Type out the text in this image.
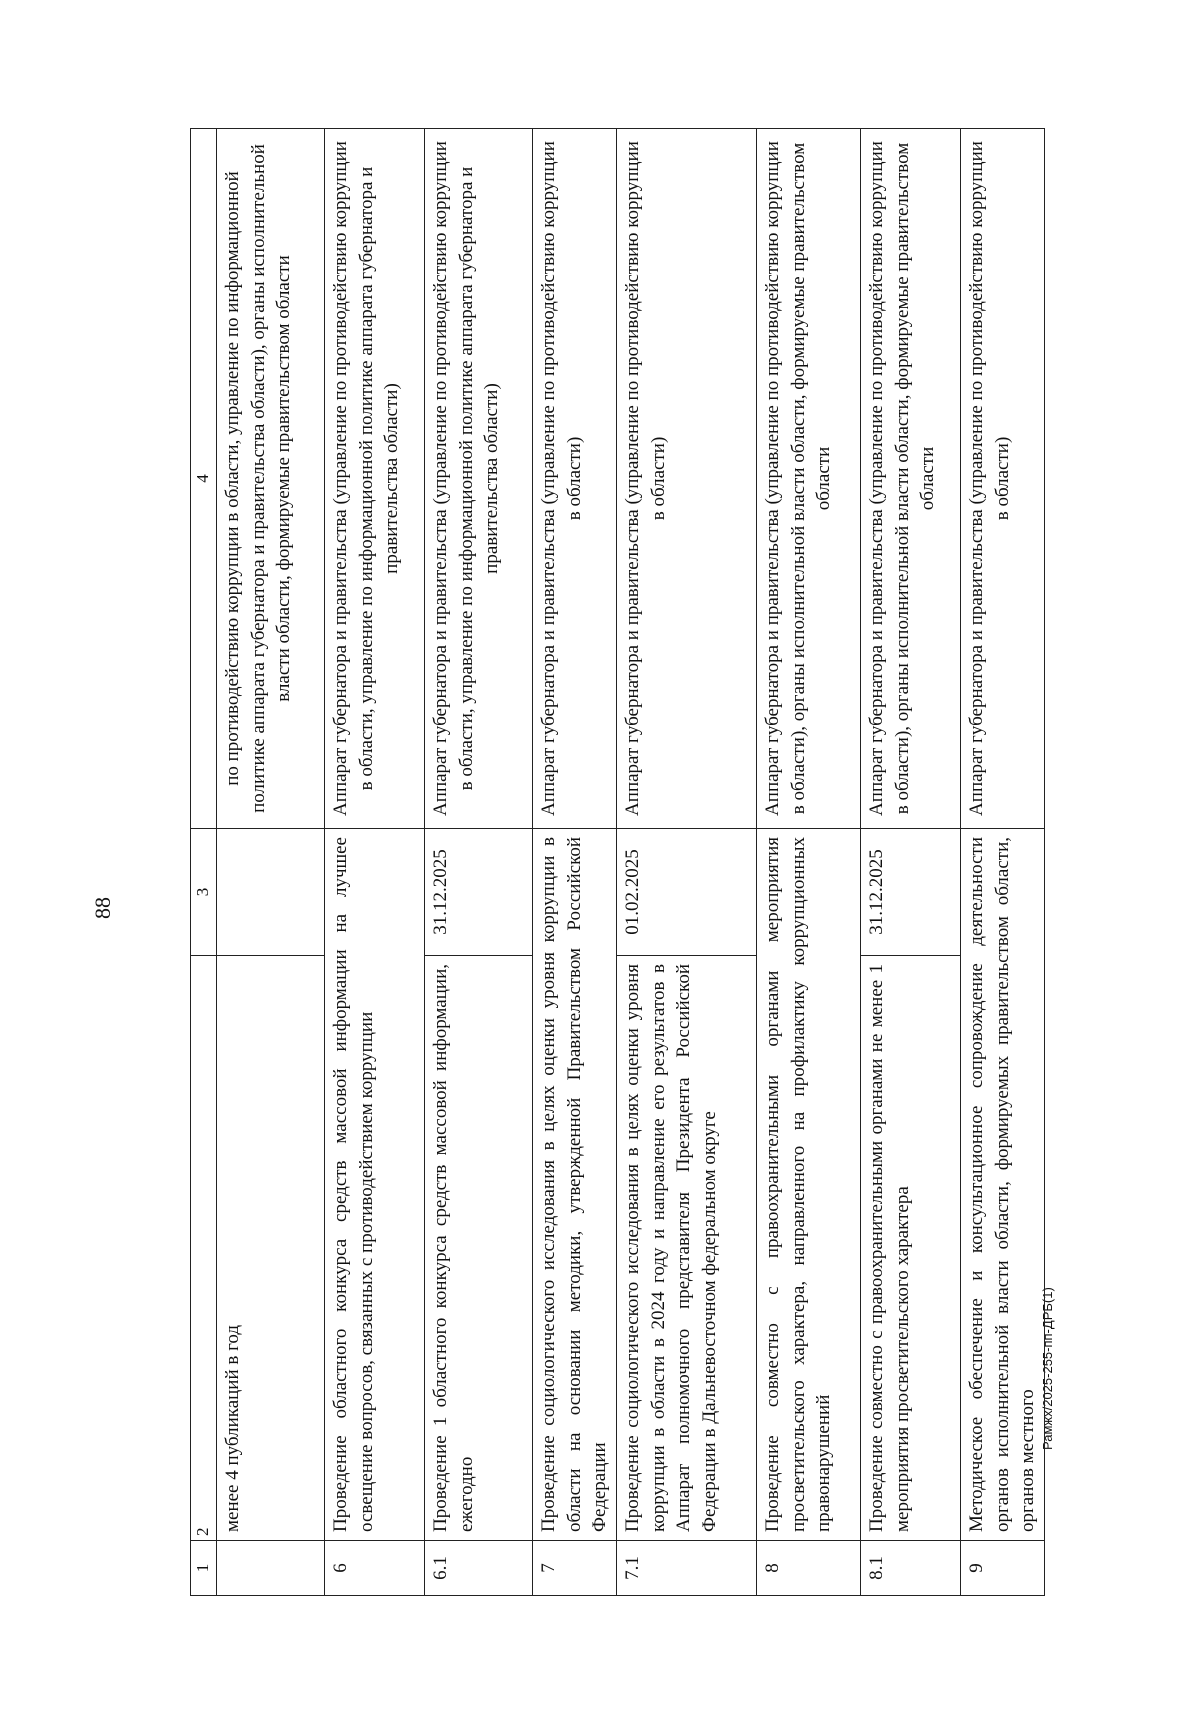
88
Рамжх/2025-255-пп-ДРБ(1)
1	2	3	4
	менее 4 публикаций в год		по противодействию коррупции в области, управление по информационной политике аппарата губернатора и правительства области), органы исполнительной власти области, формируемые правительством области
6	Проведение областного конкурса средств массовой информации на лучшее освещение вопросов, связанных с противодействием коррупции		Аппарат губернатора и правительства (управление по противодействию коррупции в области, управление по информационной политике аппарата губернатора и правительства области)
6.1	Проведение 1 областного конкурса средств массовой информации, ежегодно	31.12.2025	Аппарат губернатора и правительства (управление по противодействию коррупции в области, управление по информационной политике аппарата губернатора и правительства области)
7	Проведение социологического исследования в целях оценки уровня коррупции в области на основании методики, утвержденной Правительством Российской Федерации		Аппарат губернатора и правительства (управление по противодействию коррупции в области)
7.1	Проведение социологического исследования в целях оценки уровня коррупции в области в 2024 году и направление его результатов в Аппарат полномочного представителя Президента Российской Федерации в Дальневосточном федеральном округе	01.02.2025	Аппарат губернатора и правительства (управление по противодействию коррупции в области)
8	Проведение совместно с правоохранительными органами мероприятия просветительского характера, направленного на профилактику коррупционных правонарушений		Аппарат губернатора и правительства (управление по противодействию коррупции в области), органы исполнительной власти области, формируемые правительством области
8.1	Проведение совместно с правоохранительными органами не менее 1 мероприятия просветительского характера	31.12.2025	Аппарат губернатора и правительства (управление по противодействию коррупции в области), органы исполнительной власти области, формируемые правительством области
9	Методическое обеспечение и консультационное сопровождение деятельности органов исполнительной власти области, формируемых правительством области, органов местного		Аппарат губернатора и правительства (управление по противодействию коррупции в области)
